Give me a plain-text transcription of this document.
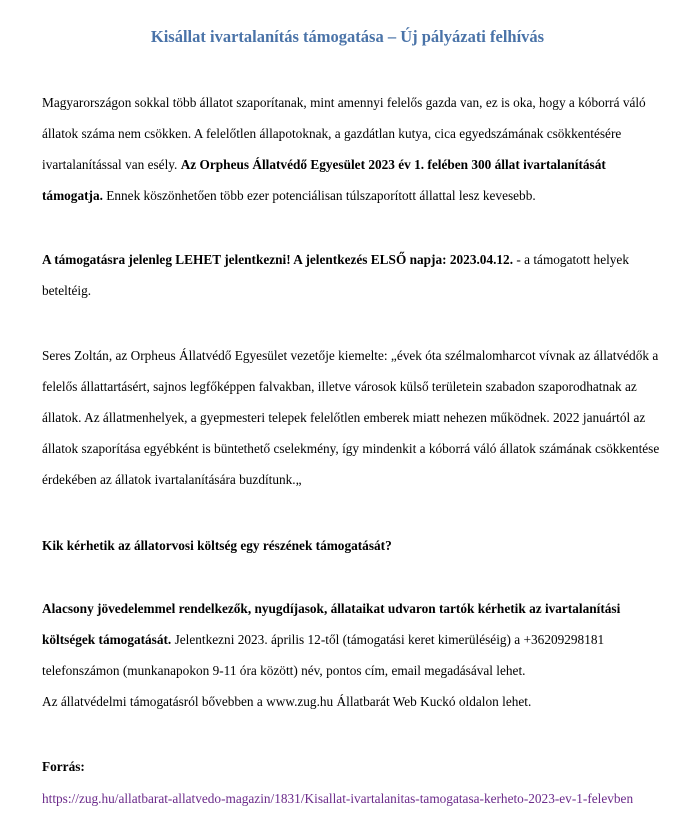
Kisállat ivartalanítás támogatása – Új pályázati felhívás

Magyarországon sokkal több állatot szaporítanak, mint amennyi felelős gazda van, ez is oka, hogy a kóborrá váló állatok száma nem csökken. A felelőtlen állapotoknak, a gazdátlan kutya, cica egyedszámának csökkentésére ivartalanítással van esély. Az Orpheus Állatvédő Egyesület 2023 év 1. felében 300 állat ivartalanítását támogatja. Ennek köszönhetően több ezer potenciálisan túlszaporított állattal lesz kevesebb.

A támogatásra jelenleg LEHET jelentkezni! A jelentkezés ELSŐ napja: 2023.04.12. - a támogatott helyek beteltéig.

Seres Zoltán, az Orpheus Állatvédő Egyesület vezetője kiemelte: „évek óta szélmalomharcot vívnak az állatvédők a felelős állattartásért, sajnos legfőképpen falvakban, illetve városok külső területein szabadon szaporodhatnak az állatok. Az állatmenhelyek, a gyepmesteri telepek felelőtlen emberek miatt nehezen működnek. 2022 januártól az állatok szaporítása egyébként is büntethető cselekmény, így mindenkit a kóborrá váló állatok számának csökkentése érdekében az állatok ivartalanítására buzdítunk.„

Kik kérhetik az állatorvosi költség egy részének támogatását?

Alacsony jövedelemmel rendelkezők, nyugdíjasok, állataikat udvaron tartók kérhetik az ivartalanítási költségek támogatását. Jelentkezni 2023. április 12-től (támogatási keret kimerüléséig) a +36209298181 telefonszámon (munkanapokon 9-11 óra között) név, pontos cím, email megadásával lehet.

Az állatvédelmi támogatásról bővebben a www.zug.hu Állatbarát Web Kuckó oldalon lehet.

Forrás:

https://zug.hu/allatbarat-allatvedo-magazin/1831/Kisallat-ivartalanitas-tamogatasa-kerheto-2023-ev-1-felevben
